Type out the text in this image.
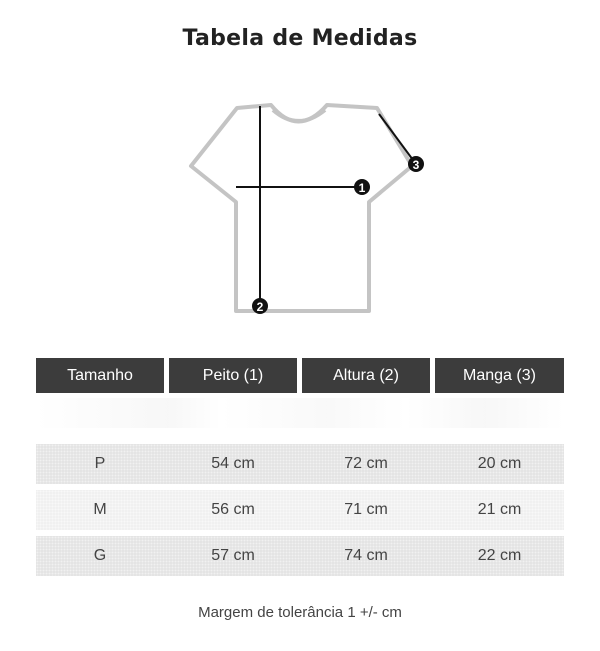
Tabela de Medidas
1
2
3
Tamanho	Peito (1)	Altura (2)	Manga (3)
P	54 cm	72 cm	20 cm
M	56 cm	71 cm	21 cm
G	57 cm	74 cm	22 cm
Margem de tolerância 1 +/- cm
